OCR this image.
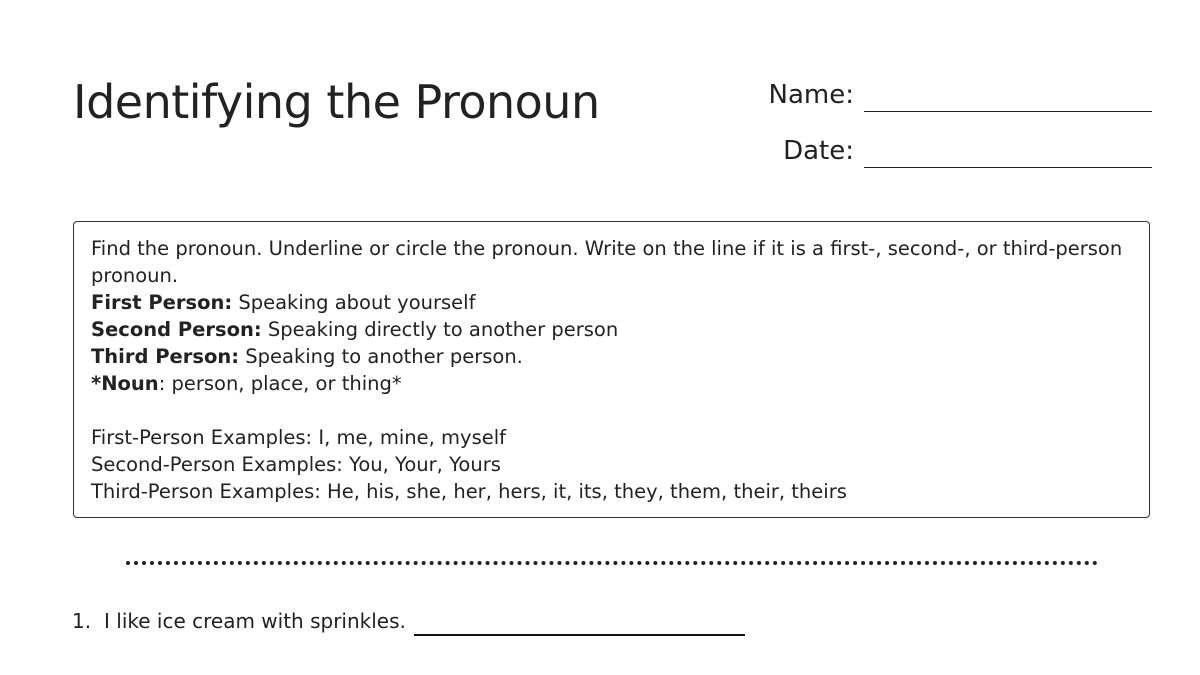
Identifying the Pronoun	Name:
Date:
Find the pronoun. Underline or circle the pronoun. Write on the line if it is a first-, second-, or third-person pronoun.
First Person: Speaking about yourself
Second Person: Speaking directly to another person
Third Person: Speaking to another person.
*Noun: person, place, or thing*
First-Person Examples: I, me, mine, myself
Second-Person Examples: You, Your, Yours
Third-Person Examples: He, his, she, her, hers, it, its, they, them, their, theirs
1. I like ice cream with sprinkles.
